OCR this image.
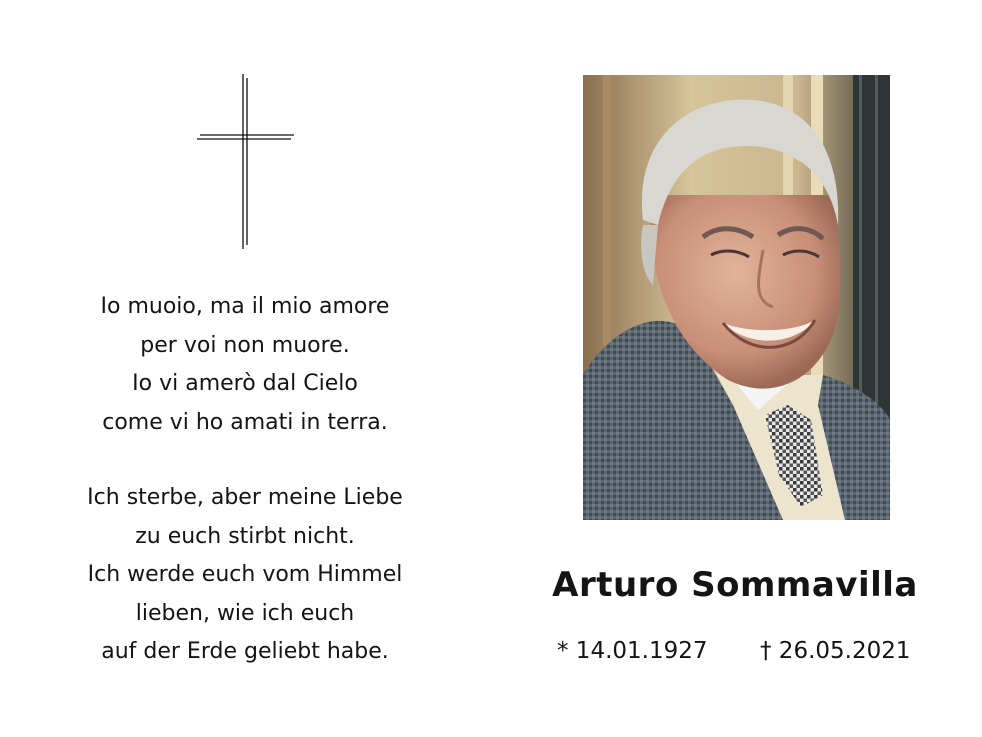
Io muoio, ma il mio amore
per voi non muore.
Io vi amerò dal Cielo
come vi ho amati in terra.
Ich sterbe, aber meine Liebe
zu euch stirbt nicht.
Ich werde euch vom Himmel
lieben, wie ich euch
auf der Erde geliebt habe.
Arturo Sommavilla
* 14.01.1927 † 26.05.2021
